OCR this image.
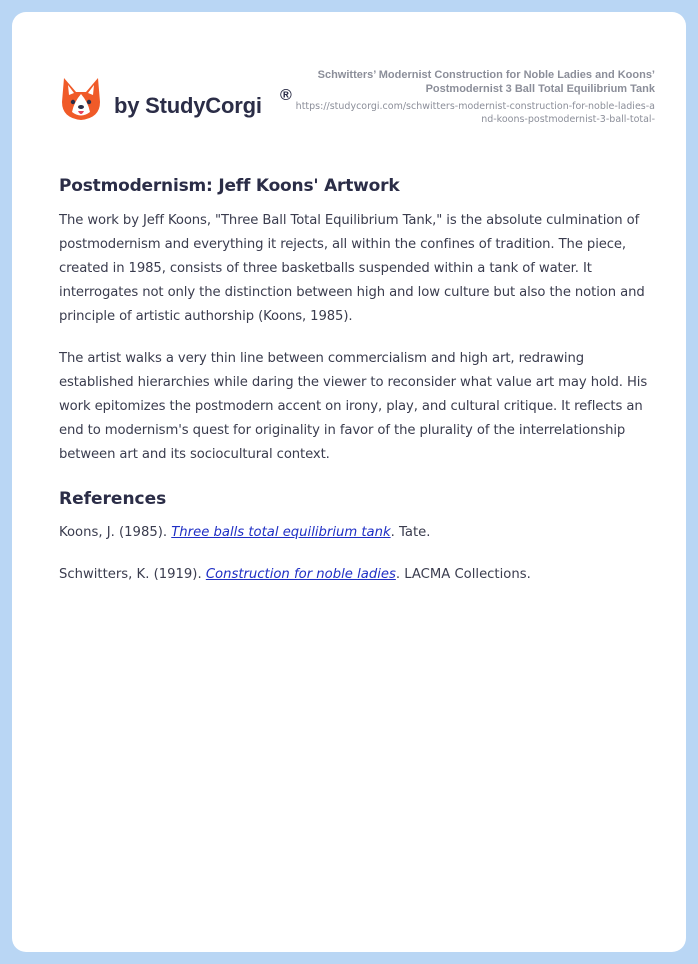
by StudyCorgi ®
Schwitters’ Modernist Construction for Noble Ladies and Koons’ Postmodernist 3 Ball Total Equilibrium Tank
https://studycorgi.com/schwitters-modernist-construction-for-noble-ladies-and-koons-postmodernist-3-ball-total-
Postmodernism: Jeff Koons' Artwork

The work by Jeff Koons, "Three Ball Total Equilibrium Tank," is the absolute culmination of postmodernism and everything it rejects, all within the confines of tradition. The piece, created in 1985, consists of three basketballs suspended within a tank of water. It interrogates not only the distinction between high and low culture but also the notion and principle of artistic authorship (Koons, 1985).

The artist walks a very thin line between commercialism and high art, redrawing established hierarchies while daring the viewer to reconsider what value art may hold. His work epitomizes the postmodern accent on irony, play, and cultural critique. It reflects an end to modernism's quest for originality in favor of the plurality of the interrelationship between art and its sociocultural context.

References
Koons, J. (1985). Three balls total equilibrium tank. Tate.
Schwitters, K. (1919). Construction for noble ladies. LACMA Collections.
